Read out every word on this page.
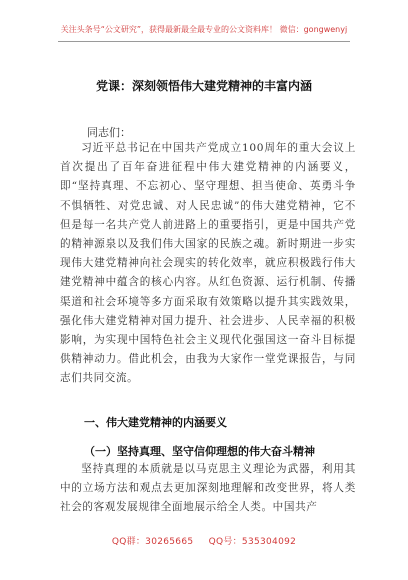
关注头条号“公文研究”，获得最新最全最专业的公文资料库！ 微信：gongwenyj
党课：深刻领悟伟大建党精神的丰富内涵
同志们：

习近平总书记在中国共产党成立100周年的重大会议上首次提出了百年奋进征程中伟大建党精神的内涵要义，即“坚持真理、不忘初心、坚守理想、担当使命、英勇斗争不惧牺牲、对党忠诚、对人民忠诚”的伟大建党精神，它不但是每一名共产党人前进路上的重要指引，更是中国共产党的精神源泉以及我们伟大国家的民族之魂。新时期进一步实现伟大建党精神向社会现实的转化效率，就应积极践行伟大建党精神中蕴含的核心内容。从红色资源、运行机制、传播渠道和社会环境等多方面采取有效策略以提升其实践效果，强化伟大建党精神对国力提升、社会进步、人民幸福的积极影响，为实现中国特色社会主义现代化强国这一奋斗目标提供精神动力。借此机会，由我为大家作一堂党课报告，与同志们共同交流。

一、伟大建党精神的内涵要义
（一）坚持真理、坚守信仰理想的伟大奋斗精神

坚持真理的本质就是以马克思主义理论为武器，利用其中的立场方法和观点去更加深刻地理解和改变世界，将人类社会的客观发展规律全面地展示给全人类。中国共产

QQ群：30265665 QQ号：535304092
